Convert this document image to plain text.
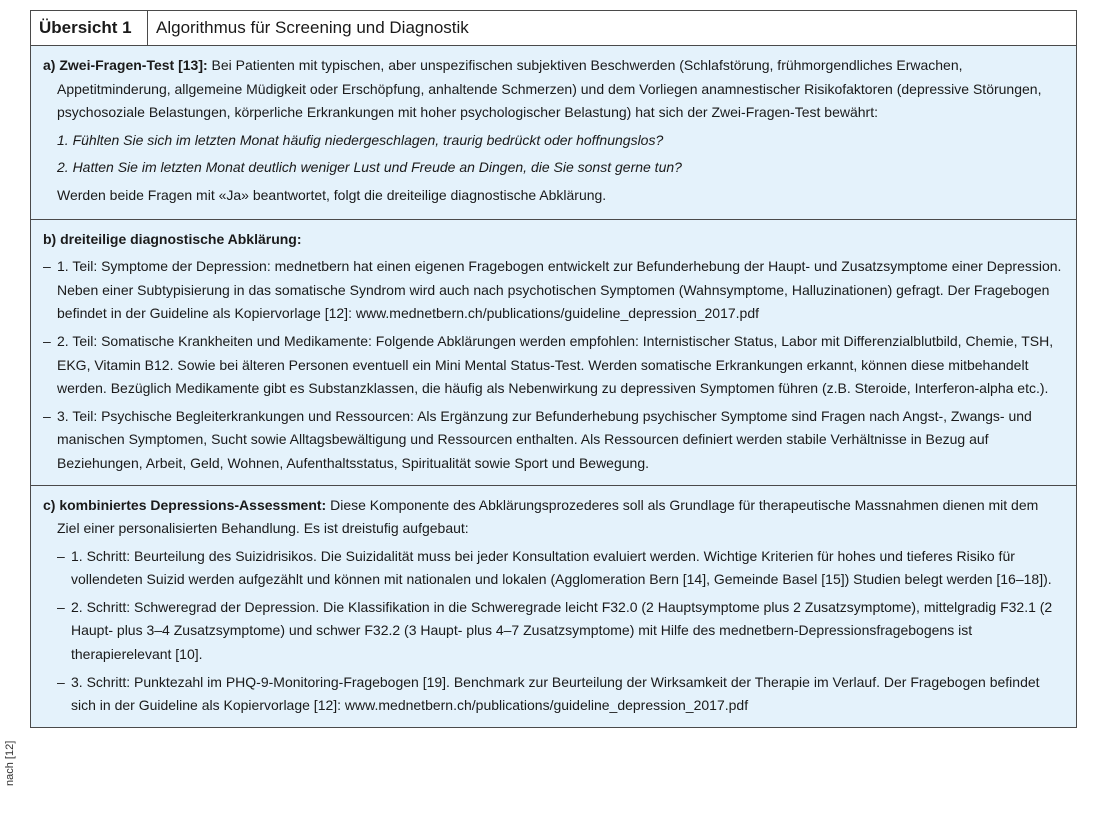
Übersicht 1	Algorithmus für Screening und Diagnostik

a) Zwei-Fragen-Test [13]: Bei Patienten mit typischen, aber unspezifischen subjektiven Beschwerden (Schlafstörung, frühmorgendliches Erwachen, Appetitminderung, allgemeine Müdigkeit oder Erschöpfung, anhaltende Schmerzen) und dem Vorliegen anamnestischer Risikofaktoren (depressive Störungen, psychosoziale Belastungen, körperliche Erkrankungen mit hoher psychologischer Belastung) hat sich der Zwei-Fragen-Test bewährt:

1. Fühlten Sie sich im letzten Monat häufig niedergeschlagen, traurig bedrückt oder hoffnungslos?

2. Hatten Sie im letzten Monat deutlich weniger Lust und Freude an Dingen, die Sie sonst gerne tun?

Werden beide Fragen mit «Ja» beantwortet, folgt die dreiteilige diagnostische Abklärung.

b) dreiteilige diagnostische Abklärung:

– 1. Teil: Symptome der Depression: mednetbern hat einen eigenen Fragebogen entwickelt zur Befunderhebung der Haupt- und Zusatzsymptome einer Depression. Neben einer Subtypisierung in das somatische Syndrom wird auch nach psychotischen Symptomen (Wahnsymptome, Halluzinationen) gefragt. Der Fragebogen befindet in der Guideline als Kopiervorlage [12]: www.mednetbern.ch/publications/guideline_depression_2017.pdf

– 2. Teil: Somatische Krankheiten und Medikamente: Folgende Abklärungen werden empfohlen: Internistischer Status, Labor mit Differenzialblutbild, Chemie, TSH, EKG, Vitamin B12. Sowie bei älteren Personen eventuell ein Mini Mental Status-Test. Werden somatische Erkrankungen erkannt, können diese mitbehandelt werden. Bezüglich Medikamente gibt es Substanzklassen, die häufig als Nebenwirkung zu depressiven Symptomen führen (z.B. Steroide, Interferon-alpha etc.).

– 3. Teil: Psychische Begleiterkrankungen und Ressourcen: Als Ergänzung zur Befunderhebung psychischer Symptome sind Fragen nach Angst-, Zwangs- und manischen Symptomen, Sucht sowie Alltagsbewältigung und Ressourcen enthalten. Als Ressourcen definiert werden stabile Verhältnisse in Bezug auf Beziehungen, Arbeit, Geld, Wohnen, Aufenthaltsstatus, Spiritualität sowie Sport und Bewegung.

c) kombiniertes Depressions-Assessment: Diese Komponente des Abklärungsprozederes soll als Grundlage für therapeutische Massnahmen dienen mit dem Ziel einer personalisierten Behandlung. Es ist dreistufig aufgebaut:

– 1. Schritt: Beurteilung des Suizidrisikos. Die Suizidalität muss bei jeder Konsultation evaluiert werden. Wichtige Kriterien für hohes und tieferes Risiko für vollendeten Suizid werden aufgezählt und können mit nationalen und lokalen (Agglomeration Bern [14], Gemeinde Basel [15]) Studien belegt werden [16–18]).

– 2. Schritt: Schweregrad der Depression. Die Klassifikation in die Schweregrade leicht F32.0 (2 Hauptsymptome plus 2 Zusatzsymptome), mittelgradig F32.1 (2 Haupt- plus 3–4 Zusatzsymptome) und schwer F32.2 (3 Haupt- plus 4–7 Zusatzsymptome) mit Hilfe des mednetbern-Depressionsfragebogens ist therapierelevant [10].

– 3. Schritt: Punktezahl im PHQ-9-Monitoring-Fragebogen [19]. Benchmark zur Beurteilung der Wirksamkeit der Therapie im Verlauf. Der Fragebogen befindet sich in der Guideline als Kopiervorlage [12]: www.mednetbern.ch/publications/guideline_depression_2017.pdf

nach [12]
